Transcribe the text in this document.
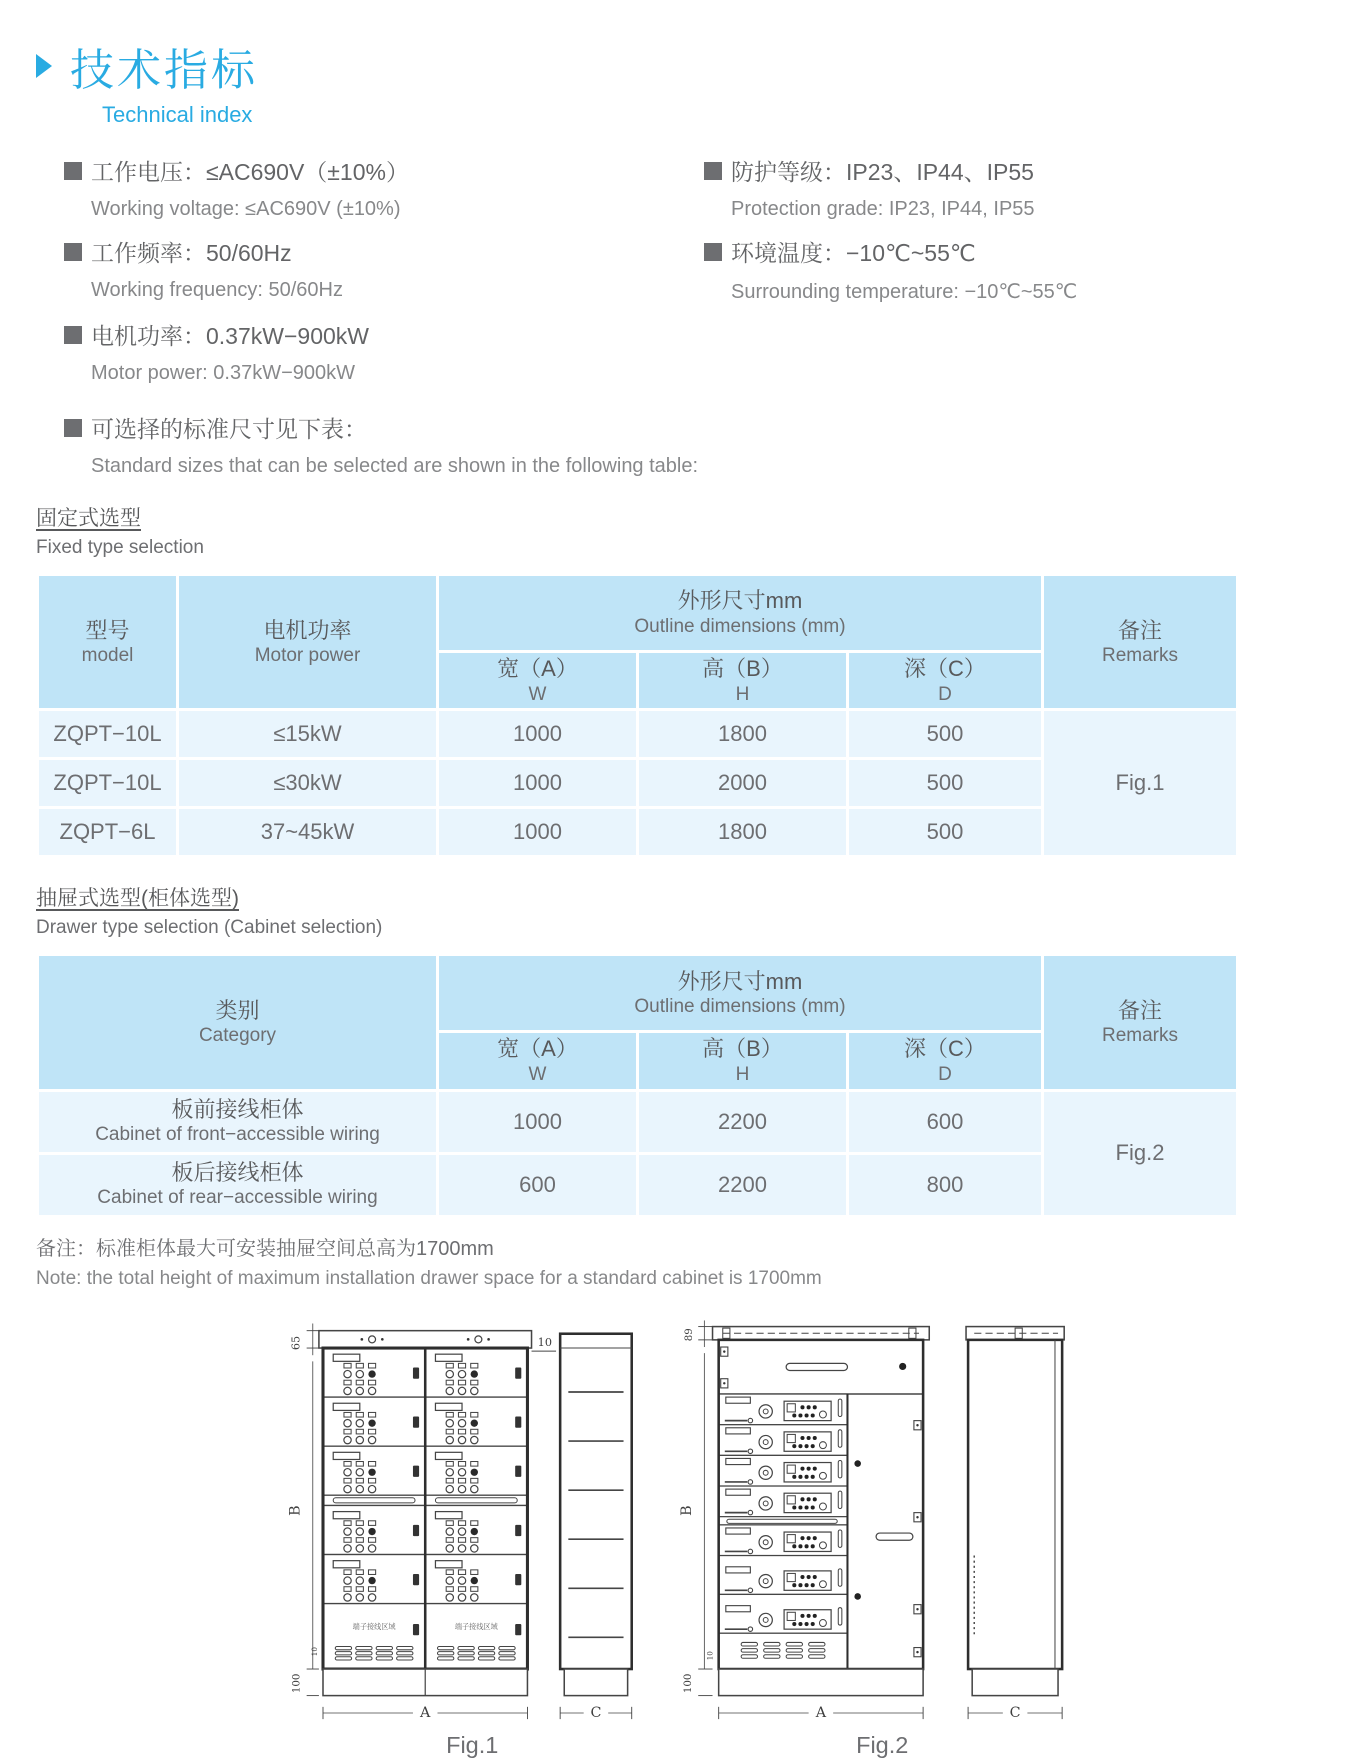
技术指标
Technical index
工作电压：≤AC690V（±10%）
Working voltage: ≤AC690V (±10%)
防护等级：IP23、IP44、IP55
Protection grade: IP23, IP44, IP55
工作频率：50/60Hz
Working frequency: 50/60Hz
环境温度：−10℃~55℃
Surrounding temperature: −10℃~55℃
电机功率：0.37kW−900kW
Motor power: 0.37kW−900kW
可选择的标准尺寸见下表：
Standard sizes that can be selected are shown in the following table:
固定式选型
Fixed type selection
型号
model

电机功率
Motor power

外形尺寸mm
Outline dimensions (mm)	备注
Remarks

宽（A）
W

高（B）
H

深（C）
D

ZQPT−10L	≤15kW	1000	1800	500	Fig.1
ZQPT−10L	≤30kW	1000	2000	500	
ZQPT−6L	37~45kW	1000	1800	500	
抽屉式选型(柜体选型)
Drawer type selection (Cabinet selection)
类别
Category

外形尺寸mm
Outline dimensions (mm)	备注
Remarks

宽（A）
W

高（B）
H

深（C）
D

板前接线柜体
Cabinet of front−accessible wiring	1000	2200	600	Fig.2

板后接线柜体
Cabinet of rear−accessible wiring	600	2200	800	
备注：标准柜体最大可安装抽屉空间总高为1700mm
Note: the total height of maximum installation drawer space for a standard cabinet is 1700mm
端子接线区域	端子接线区域
65
B
100
10
10
A	C
Fig.1
89
B
100
10
A	C
Fig.2
